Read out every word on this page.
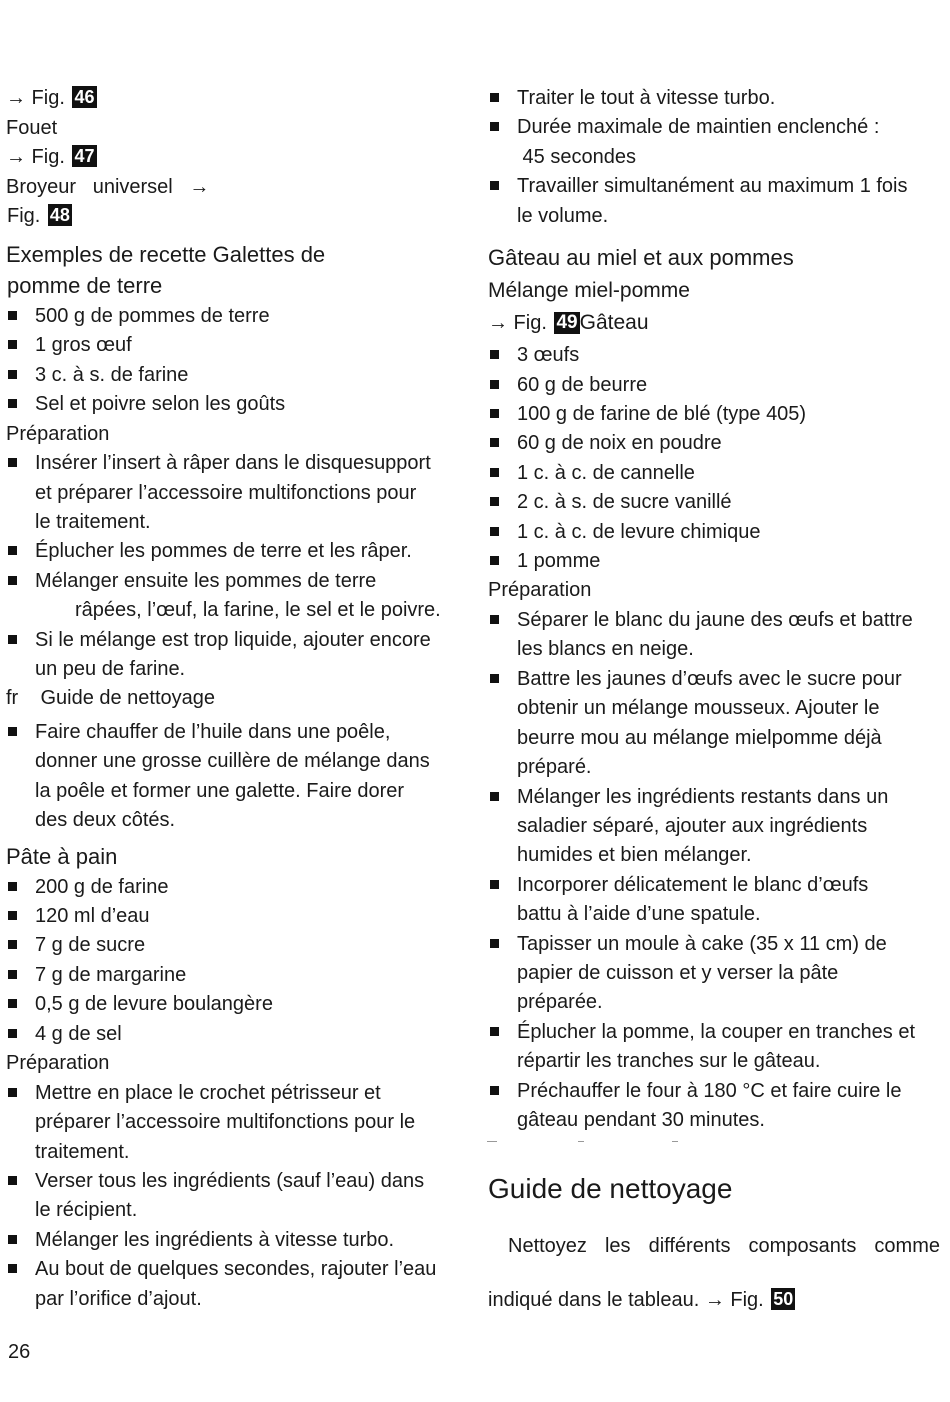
→ Fig. 46

Fouet

→ Fig. 47

Broyeur   universel   →

Fig. 48

Exemples de recette Galettes de

pomme de terre

500 g de pommes de terre
1 gros œuf
3 c. à s. de farine
Sel et poivre selon les goûts

Préparation

Insérer l’insert à râper dans le disquesupport
et préparer l’accessoire multifonctions pour
le traitement.
Éplucher les pommes de terre et les râper.
Mélanger ensuite les pommes de terre
râpées, l’œuf, la farine, le sel et le poivre.
Si le mélange est trop liquide, ajouter encore
un peu de farine.

fr    Guide de nettoyage

Faire chauffer de l’huile dans une poêle,
donner une grosse cuillère de mélange dans
la poêle et former une galette. Faire dorer
des deux côtés.

Pâte à pain

200 g de farine
120 ml d’eau
7 g de sucre
7 g de margarine
0,5 g de levure boulangère
4 g de sel

Préparation

Mettre en place le crochet pétrisseur et
préparer l’accessoire multifonctions pour le
traitement.
Verser tous les ingrédients (sauf l’eau) dans
le récipient.
Mélanger les ingrédients à vitesse turbo.
Au bout de quelques secondes, rajouter l’eau
par l’orifice d’ajout.
Traiter le tout à vitesse turbo.
Durée maximale de maintien enclenché :
45 secondes
Travailler simultanément au maximum 1 fois
le volume.

Gâteau au miel et aux pommes

Mélange miel-pomme

→ Fig. 49Gâteau

3 œufs
60 g de beurre
100 g de farine de blé (type 405)
60 g de noix en poudre
1 c. à c. de cannelle
2 c. à s. de sucre vanillé
1 c. à c. de levure chimique
1 pomme

Préparation

Séparer le blanc du jaune des œufs et battre
les blancs en neige.
Battre les jaunes d’œufs avec le sucre pour
obtenir un mélange mousseux. Ajouter le
beurre mou au mélange mielpomme déjà
préparé.
Mélanger les ingrédients restants dans un
saladier séparé, ajouter aux ingrédients
humides et bien mélanger.
Incorporer délicatement le blanc d’œufs
battu à l’aide d’une spatule.
Tapisser un moule à cake (35 x 11 cm) de
papier de cuisson et y verser la pâte
préparée.
Éplucher la pomme, la couper en tranches et
répartir les tranches sur le gâteau.
Préchauffer le four à 180 °C et faire cuire le
gâteau pendant 30 minutes.
Guide de nettoyage

Nettoyez les différents composants comme

indiqué dans le tableau. → Fig. 50

26
